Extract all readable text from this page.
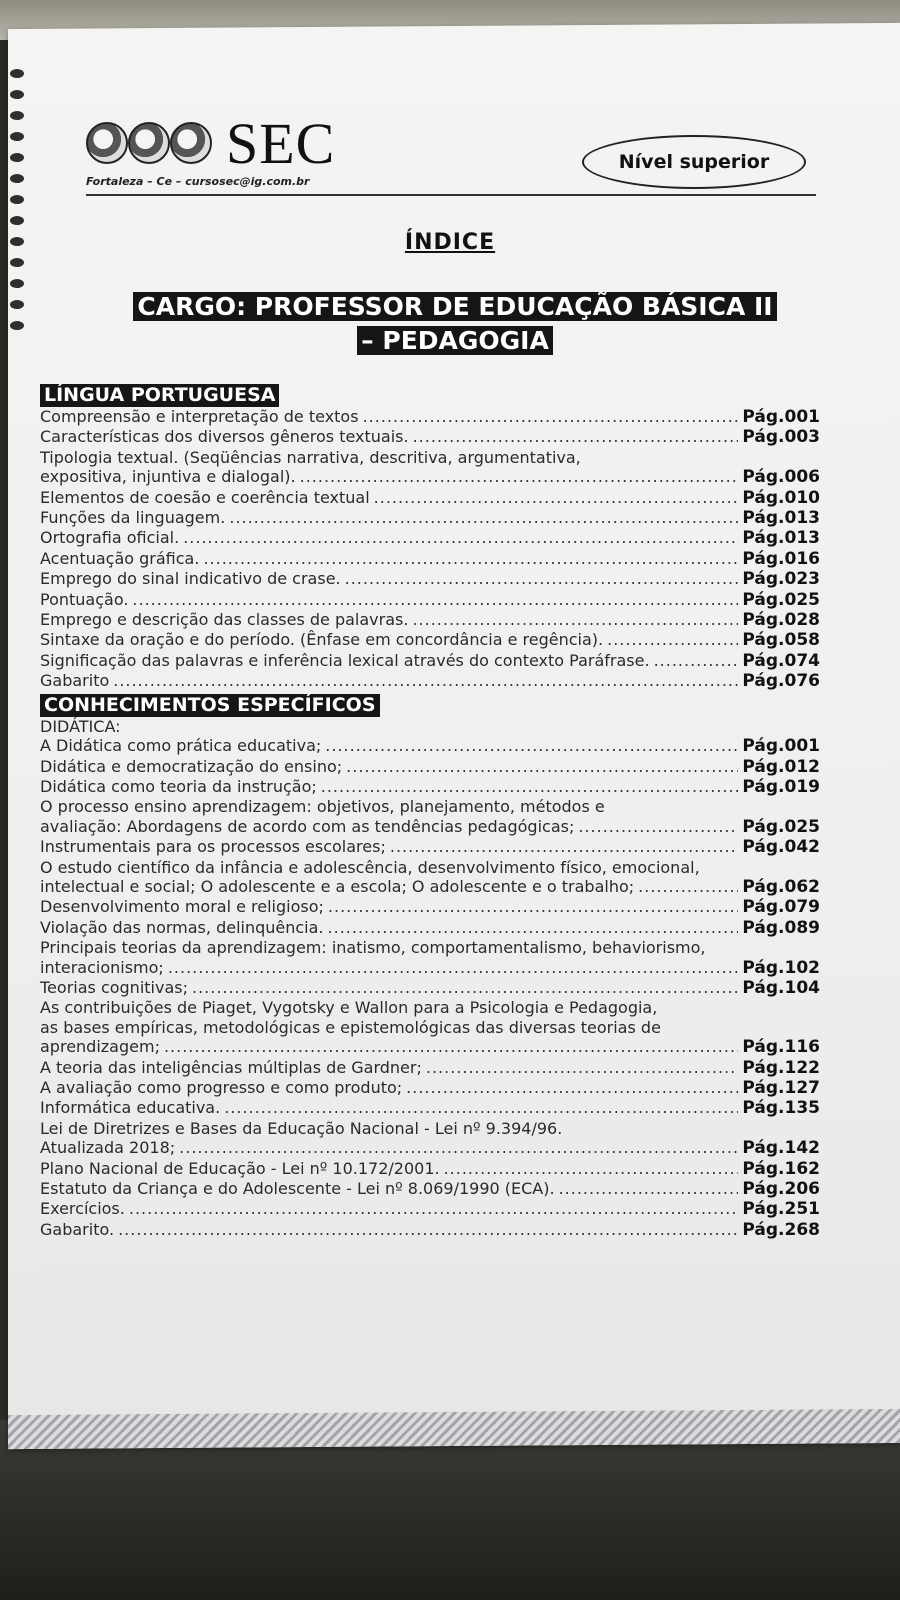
SEC
Fortaleza – Ce – cursosec@ig.com.br
Nível superior
ÍNDICE
CARGO: PROFESSOR DE EDUCAÇÃO BÁSICA II
– PEDAGOGIA
LÍNGUA PORTUGUESA
Compreensão e interpretação de textos .....	Pág.001
Características dos diversos gêneros textuais. .....	Pág.003
Tipologia textual. (Seqüências narrativa, descritiva, argumentativa,
expositiva, injuntiva e dialogal). .....	Pág.006
Elementos de coesão e coerência textual .....	Pág.010
Funções da linguagem. .....	Pág.013
Ortografia oficial. .....	Pág.013
Acentuação gráfica. .....	Pág.016
Emprego do sinal indicativo de crase. .....	Pág.023
Pontuação. .....	Pág.025
Emprego e descrição das classes de palavras. .....	Pág.028
Sintaxe da oração e do período. (Ênfase em concordância e regência). .....	Pág.058
Significação das palavras e inferência lexical através do contexto Paráfrase. .....	Pág.074
Gabarito .....	Pág.076
CONHECIMENTOS ESPECÍFICOS
DIDÁTICA:
A Didática como prática educativa; .....	Pág.001
Didática e democratização do ensino; .....	Pág.012
Didática como teoria da instrução; .....	Pág.019
O processo ensino aprendizagem: objetivos, planejamento, métodos e
avaliação: Abordagens de acordo com as tendências pedagógicas; .....	Pág.025
Instrumentais para os processos escolares; .....	Pág.042
O estudo científico da infância e adolescência, desenvolvimento físico, emocional,
intelectual e social; O adolescente e a escola; O adolescente e o trabalho; .....	Pág.062
Desenvolvimento moral e religioso; .....	Pág.079
Violação das normas, delinquência. .....	Pág.089
Principais teorias da aprendizagem: inatismo, comportamentalismo, behaviorismo,
interacionismo; .....	Pág.102
Teorias cognitivas; .....	Pág.104
As contribuições de Piaget, Vygotsky e Wallon para a Psicologia e Pedagogia,
as bases empíricas, metodológicas e epistemológicas das diversas teorias de
aprendizagem; .....	Pág.116
A teoria das inteligências múltiplas de Gardner; .....	Pág.122
A avaliação como progresso e como produto; .....	Pág.127
Informática educativa. .....	Pág.135
Lei de Diretrizes e Bases da Educação Nacional - Lei nº 9.394/96.
Atualizada 2018; .....	Pág.142
Plano Nacional de Educação - Lei nº 10.172/2001. .....	Pág.162
Estatuto da Criança e do Adolescente - Lei nº 8.069/1990 (ECA). .....	Pág.206
Exercícios. .....	Pág.251
Gabarito. .....	Pág.268
